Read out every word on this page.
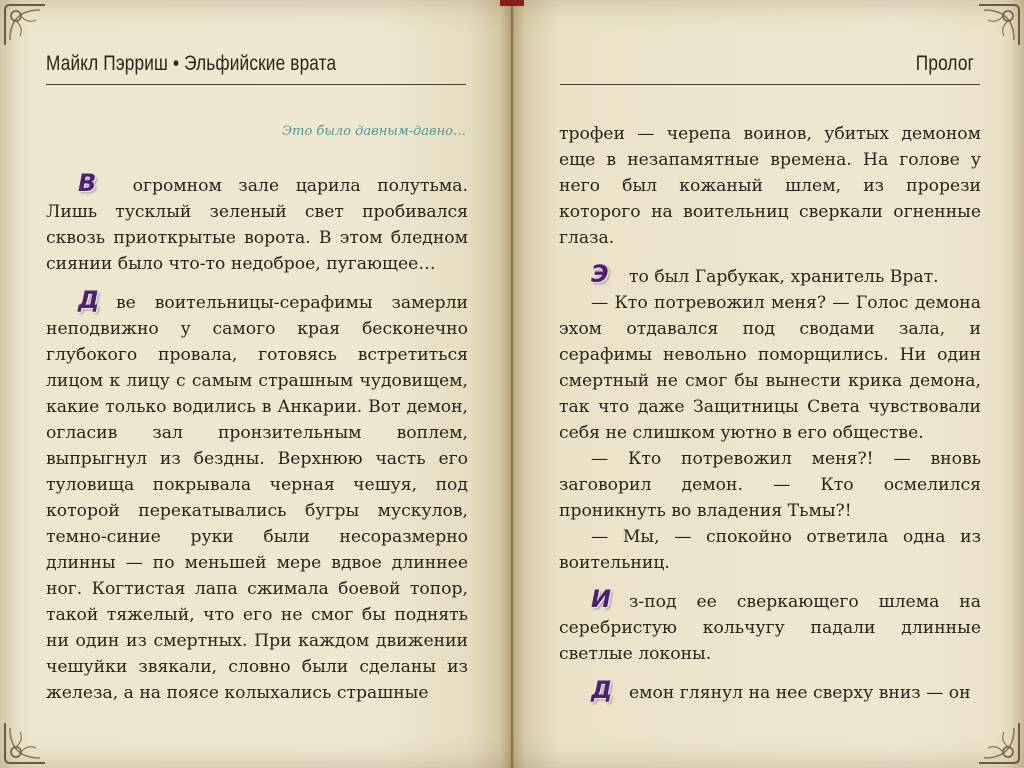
Майкл Пэрриш • Эльфийские врата	Пролог
Это было давным-давно…

В огромном зале царила полутьма. Лишь тусклый зеленый свет пробивался сквозь приоткрытые ворота. В этом бледном сиянии было что-то недоброе, пугающее…

Д ве воительницы-серафимы замерли неподвижно у самого края бесконечно глубокого провала, готовясь встретиться лицом к лицу с самым страшным чудовищем, какие только водились в Анкарии. Вот демон, огласив зал пронзительным воплем, выпрыгнул из бездны. Верхнюю часть его туловища покрывала черная чешуя, под которой перекатывались бугры мускулов, темно-синие руки были несоразмерно длинны — по меньшей мере вдвое длиннее ног. Когтистая лапа сжимала боевой топор, такой тяжелый, что его не смог бы поднять ни один из смертных. При каждом движении чешуйки звякали, словно были сделаны из железа, а на поясе колыхались страшные

трофеи — черепа воинов, убитых демоном еще в незапамятные времена. На голове у него был кожаный шлем, из прорези которого на воительниц сверкали огненные глаза.

Э то был Гарбукак, хранитель Врат.

— Кто потревожил меня? — Голос демона эхом отдавался под сводами зала, и серафимы невольно поморщились. Ни один смертный не смог бы вынести крика демона, так что даже Защитницы Света чувствовали себя не слишком уютно в его обществе.

— Кто потревожил меня?! — вновь заговорил демон. — Кто осмелился проникнуть во владения Тьмы?!

— Мы, — спокойно ответила одна из воительниц.

И з-под ее сверкающего шлема на серебристую кольчугу падали длинные светлые локоны.

Д емон глянул на нее сверху вниз — он
